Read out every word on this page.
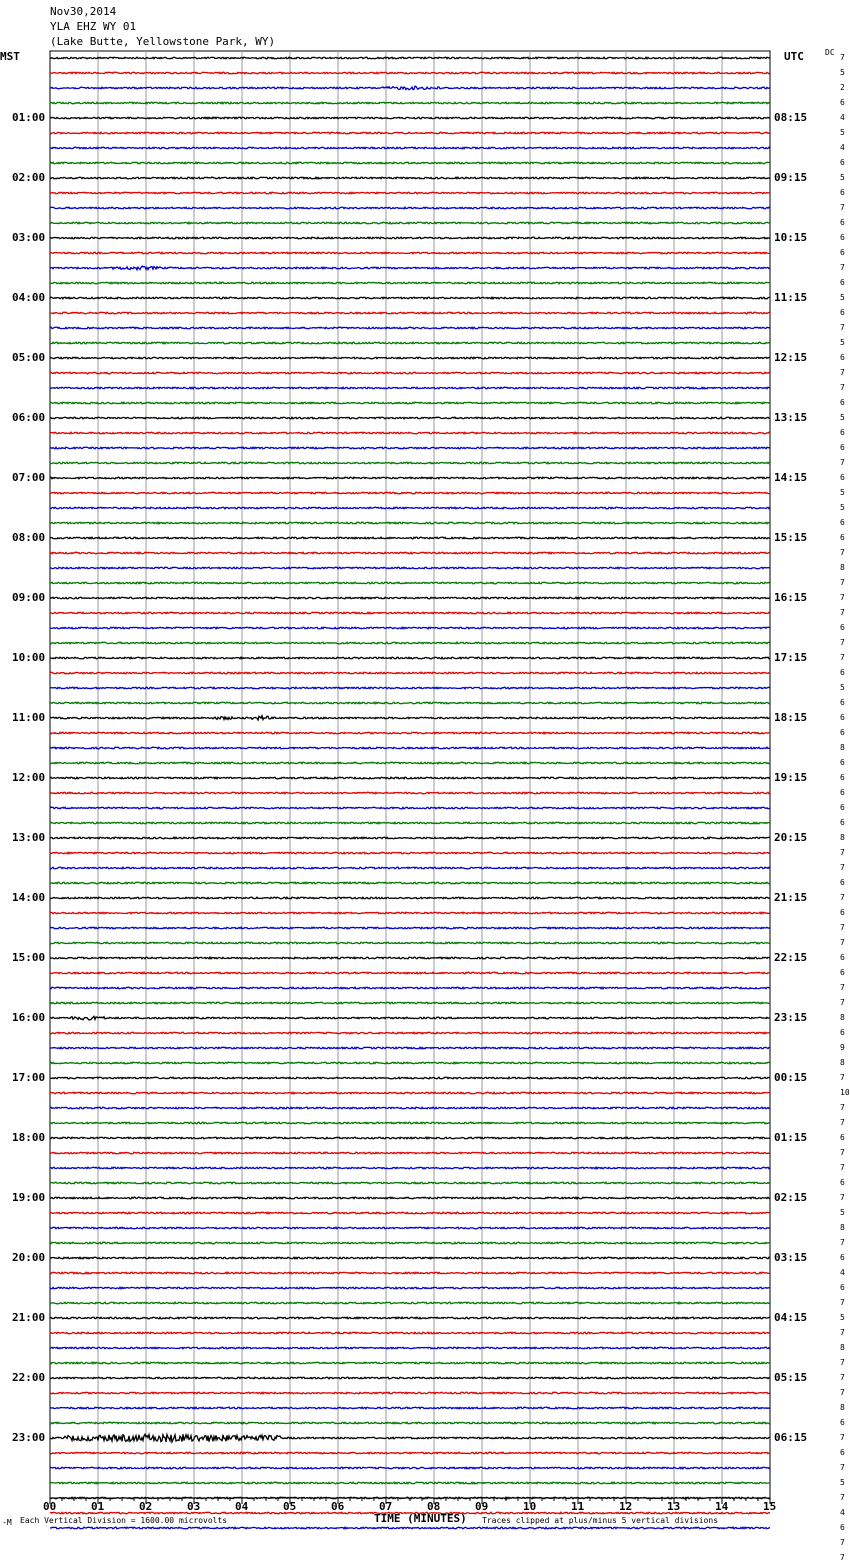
Nov30,2014
YLA EHZ WY 01
(Lake Butte, Yellowstone Park, WY)
MST	UTC	DC
01:00
02:00
03:00
04:00
05:00
06:00
07:00
08:00
09:00
10:00
11:00
12:00
13:00
14:00
15:00
16:00
17:00
18:00
19:00
20:00
21:00
22:00
23:00
08:15
09:15
10:15
11:15
12:15
13:15
14:15
15:15
16:15
17:15
18:15
19:15
20:15
21:15
22:15
23:15
00:15
01:15
02:15
03:15
04:15
05:15
06:15
7
5
2
6
4
5
4
6
5
6
7
6
6
6
7
6
5
6
7
5
6
7
7
6
5
6
6
7
6
5
5
6
6
7
8
7
7
7
6
7
7
6
5
6
6
6
8
6
6
6
6
6
8
7
7
6
7
6
7
7
6
6
7
7
8
6
9
8
7
10
7
7
6
7
7
6
7
5
8
7
6
4
6
7
5
7
8
7
7
7
8
6
7
6
7
5
7
4
6
7
7
00	01	02	03	04	05	06	07	08	09	10	11	12	13	14	15
-M Each Vertical Division = 1600.00 microvolts	TIME (MINUTES) Traces clipped at plus/minus 5 vertical divisions
